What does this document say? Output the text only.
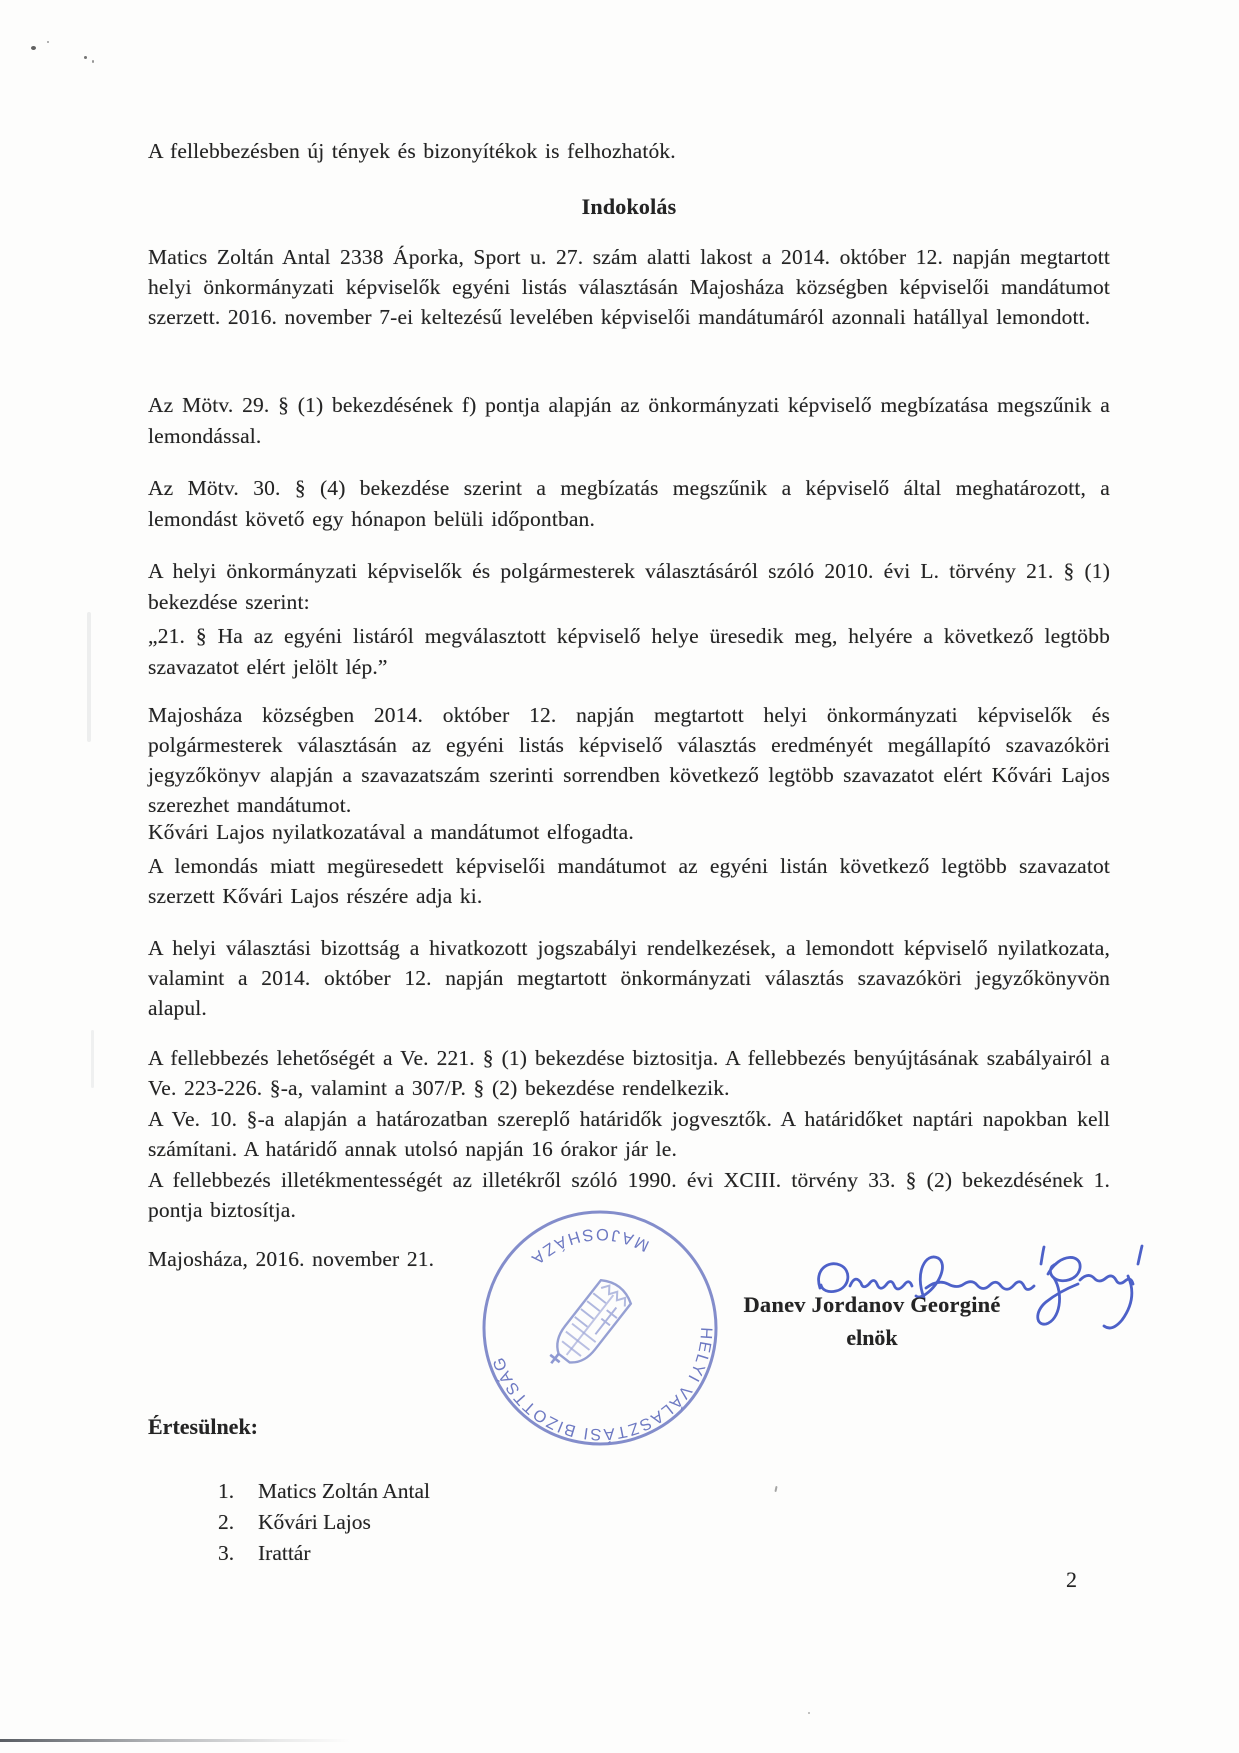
A fellebbezésben új tények és bizonyítékok is felhozhatók.

Indokolás

Matics Zoltán Antal 2338 Áporka, Sport u. 27. szám alatti lakost a 2014. október 12. napján megtartott helyi önkormányzati képviselők egyéni listás választásán Majosháza községben képviselői mandátumot szerzett. 2016. november 7-ei keltezésű levelében képviselői mandátumáról azonnali hatállyal lemondott.

Az Mötv. 29. § (1) bekezdésének f) pontja alapján az önkormányzati képviselő megbízatása megszűnik a lemondással.

Az Mötv. 30. § (4) bekezdése szerint a megbízatás megszűnik a képviselő által meghatározott, a lemondást követő egy hónapon belüli időpontban.

A helyi önkormányzati képviselők és polgármesterek választásáról szóló 2010. évi L. törvény 21. § (1) bekezdése szerint:

„21. § Ha az egyéni listáról megválasztott képviselő helye üresedik meg, helyére a következő legtöbb szavazatot elért jelölt lép.”

Majosháza községben 2014. október 12. napján megtartott helyi önkormányzati képviselők és polgármesterek választásán az egyéni listás képviselő választás eredményét megállapító szavazóköri jegyzőkönyv alapján a szavazatszám szerinti sorrendben következő legtöbb szavazatot elért Kővári Lajos szerezhet mandátumot.

Kővári Lajos nyilatkozatával a mandátumot elfogadta.

A lemondás miatt megüresedett képviselői mandátumot az egyéni listán következő legtöbb szavazatot szerzett Kővári Lajos részére adja ki.

A helyi választási bizottság a hivatkozott jogszabályi rendelkezések, a lemondott képviselő nyilatkozata, valamint a 2014. október 12. napján megtartott önkormányzati választás szavazóköri jegyzőkönyvön alapul.

A fellebbezés lehetőségét a Ve. 221. § (1) bekezdése biztositja. A fellebbezés benyújtásának szabályairól a Ve. 223-226. §-a, valamint a 307/P. § (2) bekezdése rendelkezik.

A Ve. 10. §-a alapján a határozatban szereplő határidők jogvesztők. A határidőket naptári napokban kell számítani. A határidő annak utolsó napján 16 órakor jár le.

A fellebbezés illetékmentességét az illetékről szóló 1990. évi XCIII. törvény 33. § (2) bekezdésének 1. pontja biztosítja.

Majosháza, 2016. november 21.

HELYI VÁLASZTÁSI BIZOTTSÁG
MAJOSHÁZA

Danev Jordanov Georginé

elnök

Értesülnek:

1.	Matics Zoltán Antal
2.	Kővári Lajos
3.	Irattár

2
